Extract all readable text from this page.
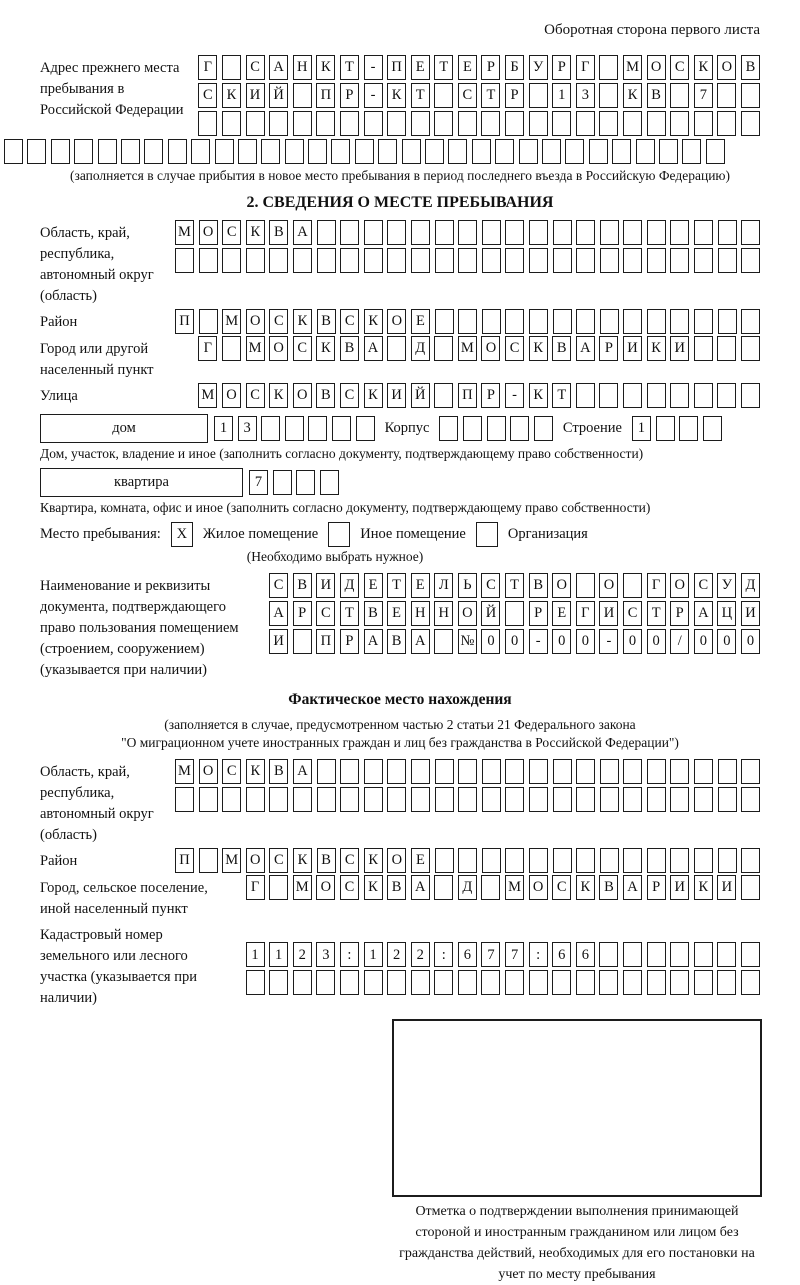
Оборотная сторона первого листа
Адрес прежнего места пребывания в Российской Федерации
Г	С А Н К Т	-	П Е	Т	Е	Р	Б У Р	Г	М О С К О В
С К И Й	П Р	-	К Т	С Т	Р	1	3	К В	7
(заполняется в случае прибытия в новое место пребывания в период последнего въезда в Российскую Федерацию)
2. СВЕДЕНИЯ О МЕСТЕ ПРЕБЫВАНИЯ
Область, край, республика, автономный округ (область)
М О С К В А
Район	П М О С К В С К О Е
Город или другой населенный пункт
Г	М О С К В А	Д	М О С К В А Р И К И
Улица	М О С К О В С К И Й	П Р	-	К Т
дом	1	3	Корпус	Строение	1
Дом, участок, владение и иное (заполнить согласно документу, подтверждающему право собственности)
квартира	7
Квартира, комната, офис и иное (заполнить согласно документу, подтверждающему право собственности)
Место пребывания:	X	Жилое помещение	Иное помещение	Организация
(Необходимо выбрать нужное)
Наименование и реквизиты документа, подтверждающего право пользования помещением (строением, сооружением) (указывается при наличии)
С В И Д Е	Т	Е Л	Ь	С Т В О	О	Г О С У Д
А Р	С Т В Е Н Н О Й	Р	Е	Г И С Т	Р А Ц И
И	П Р А В А № 0	0	-	0	0	-	0	0	/	0	0	0
Фактическое место нахождения
(заполняется в случае, предусмотренном частью 2 статьи 21 Федерального закона
"О миграционном учете иностранных граждан и лиц без гражданства в Российской Федерации")
Область, край, республика, автономный округ (область)
М О С К В А
Район	П М О С К В С К О Е
Город, сельское поселение, иной населенный пункт
Г	М О С К В А	Д	М О С К В А Р И К И
Кадастровый номер земельного или лесного участка (указывается при наличии)
1	1	2	3	:	1	2	2	:	6	7	7	:	6	6
Отметка о подтверждении выполнения принимающей стороной и иностранным гражданином или лицом без гражданства действий, необходимых для его постановки на учет по месту пребывания
